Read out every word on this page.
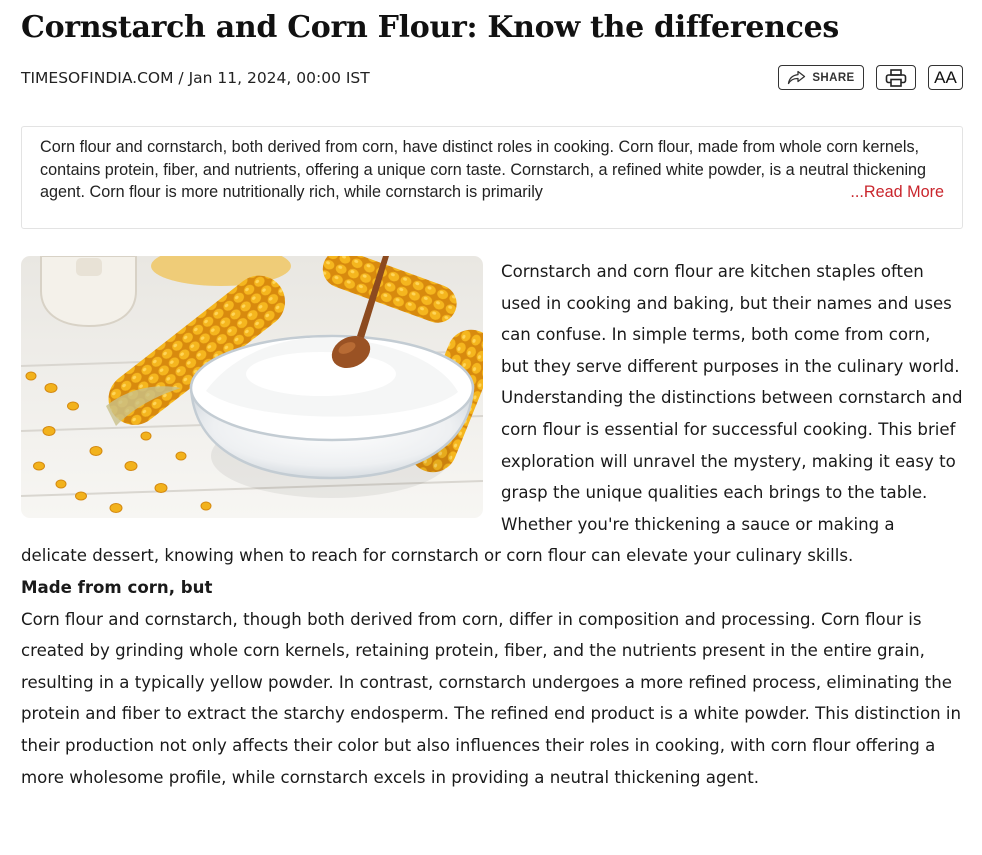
Cornstarch and Corn Flour: Know the differences
TIMESOFINDIA.COM / Jan 11, 2024, 00:00 IST	SHARE	AA

Corn flour and cornstarch, both derived from corn, have distinct roles in cooking. Corn flour, made from whole corn kernels, contains protein, fiber, and nutrients, offering a unique corn taste. Cornstarch, a refined white powder, is a neutral thickening agent. Corn flour is more nutritionally rich, while cornstarch is primarily	...Read More

Cornstarch and corn flour are kitchen staples often used in cooking and baking, but their names and uses can confuse. In simple terms, both come from corn, but they serve different purposes in the culinary world. Understanding the distinctions between cornstarch and corn flour is essential for successful cooking. This brief exploration will unravel the mystery, making it easy to grasp the unique qualities each brings to the table. Whether you're thickening a sauce or making a delicate dessert, knowing when to reach for cornstarch or corn flour can elevate your culinary skills.

Made from corn, but

Corn flour and cornstarch, though both derived from corn, differ in composition and processing. Corn flour is created by grinding whole corn kernels, retaining protein, fiber, and the nutrients present in the entire grain, resulting in a typically yellow powder. In contrast, cornstarch undergoes a more refined process, eliminating the protein and fiber to extract the starchy endosperm. The refined end product is a white powder. This distinction in their production not only affects their color but also influences their roles in cooking, with corn flour offering a more wholesome profile, while cornstarch excels in providing a neutral thickening agent.
